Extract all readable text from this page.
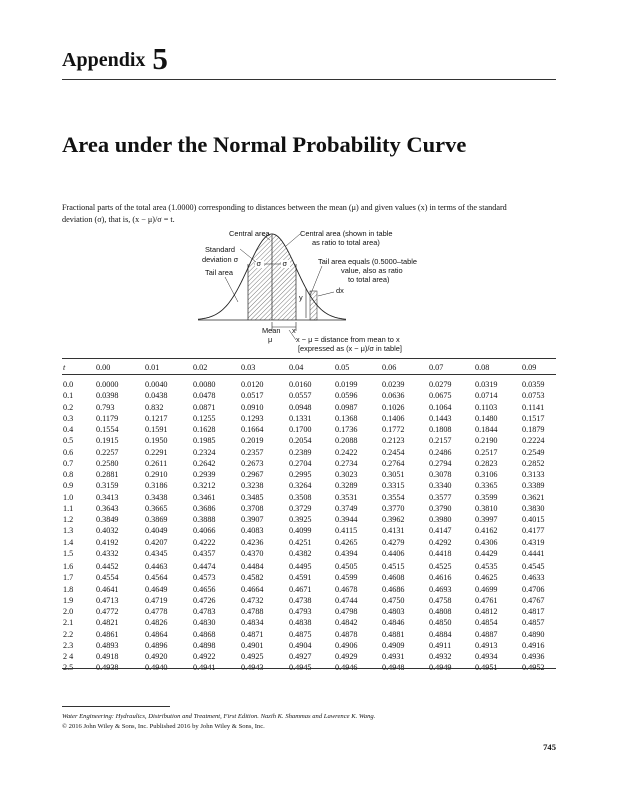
Appendix 5
Area under the Normal Probability Curve
Fractional parts of the total area (1.0000) corresponding to distances between the mean (μ) and given values (x) in terms of the standard
deviation (σ), that is, (x − μ)/σ = t.
σ	σ
y
Central area
Standard
deviation σ
Tail area
Central area (shown in table
as ratio to total area)
Tail area equals (0.5000–table
value, also as ratio
to total area)
dx
Mean
μ
x
x − μ = distance from mean to x
[expressed as (x − μ)/σ in table]
t	0.00	0.01	0.02	0.03	0.04	0.05	0.06	0.07	0.08	0.09
0.0	0.0000	0.0040	0.0080	0.0120	0.0160	0.0199	0.0239	0.0279	0.0319	0.0359
0.1	0.0398	0.0438	0.0478	0.0517	0.0557	0.0596	0.0636	0.0675	0.0714	0.0753
0.2	0.793	0.832	0.0871	0.0910	0.0948	0.0987	0.1026	0.1064	0.1103	0.1141
0.3	0.1179	0.1217	0.1255	0.1293	0.1331	0.1368	0.1406	0.1443	0.1480	0.1517
0.4	0.1554	0.1591	0.1628	0.1664	0.1700	0.1736	0.1772	0.1808	0.1844	0.1879
0.5	0.1915	0.1950	0.1985	0.2019	0.2054	0.2088	0.2123	0.2157	0.2190	0.2224
0.6	0.2257	0.2291	0.2324	0.2357	0.2389	0.2422	0.2454	0.2486	0.2517	0.2549
0.7	0.2580	0.2611	0.2642	0.2673	0.2704	0.2734	0.2764	0.2794	0.2823	0.2852
0.8	0.2881	0.2910	0.2939	0.2967	0.2995	0.3023	0.3051	0.3078	0.3106	0.3133
0.9	0.3159	0.3186	0.3212	0.3238	0.3264	0.3289	0.3315	0.3340	0.3365	0.3389
1.0	0.3413	0.3438	0.3461	0.3485	0.3508	0.3531	0.3554	0.3577	0.3599	0.3621
1.1	0.3643	0.3665	0.3686	0.3708	0.3729	0.3749	0.3770	0.3790	0.3810	0.3830
1.2	0.3849	0.3869	0.3888	0.3907	0.3925	0.3944	0.3962	0.3980	0.3997	0.4015
1.3	0.4032	0.4049	0.4066	0.4083	0.4099	0.4115	0.4131	0.4147	0.4162	0.4177
1.4	0.4192	0.4207	0.4222	0.4236	0.4251	0.4265	0.4279	0.4292	0.4306	0.4319
1.5	0.4332	0.4345	0.4357	0.4370	0.4382	0.4394	0.4406	0.4418	0.4429	0.4441
1.6	0.4452	0.4463	0.4474	0.4484	0.4495	0.4505	0.4515	0.4525	0.4535	0.4545
1.7	0.4554	0.4564	0.4573	0.4582	0.4591	0.4599	0.4608	0.4616	0.4625	0.4633
1.8	0.4641	0.4649	0.4656	0.4664	0.4671	0.4678	0.4686	0.4693	0.4699	0.4706
1.9	0.4713	0.4719	0.4726	0.4732	0.4738	0.4744	0.4750	0.4758	0.4761	0.4767
2.0	0.4772	0.4778	0.4783	0.4788	0.4793	0.4798	0.4803	0.4808	0.4812	0.4817
2.1	0.4821	0.4826	0.4830	0.4834	0.4838	0.4842	0.4846	0.4850	0.4854	0.4857
2.2	0.4861	0.4864	0.4868	0.4871	0.4875	0.4878	0.4881	0.4884	0.4887	0.4890
2.3	0.4893	0.4896	0.4898	0.4901	0.4904	0.4906	0.4909	0.4911	0.4913	0.4916
2 4	0.4918	0.4920	0.4922	0.4925	0.4927	0.4929	0.4931	0.4932	0.4934	0.4936
2.5	0.4938	0.4940	0.4941	0.4943	0.4945	0.4946	0.4948	0.4949	0.4951	0.4952
Water Engineering: Hydraulics, Distribution and Treatment, First Edition. Nazih K. Shammas and Lawrence K. Wang.
© 2016 John Wiley & Sons, Inc. Published 2016 by John Wiley & Sons, Inc.
745
